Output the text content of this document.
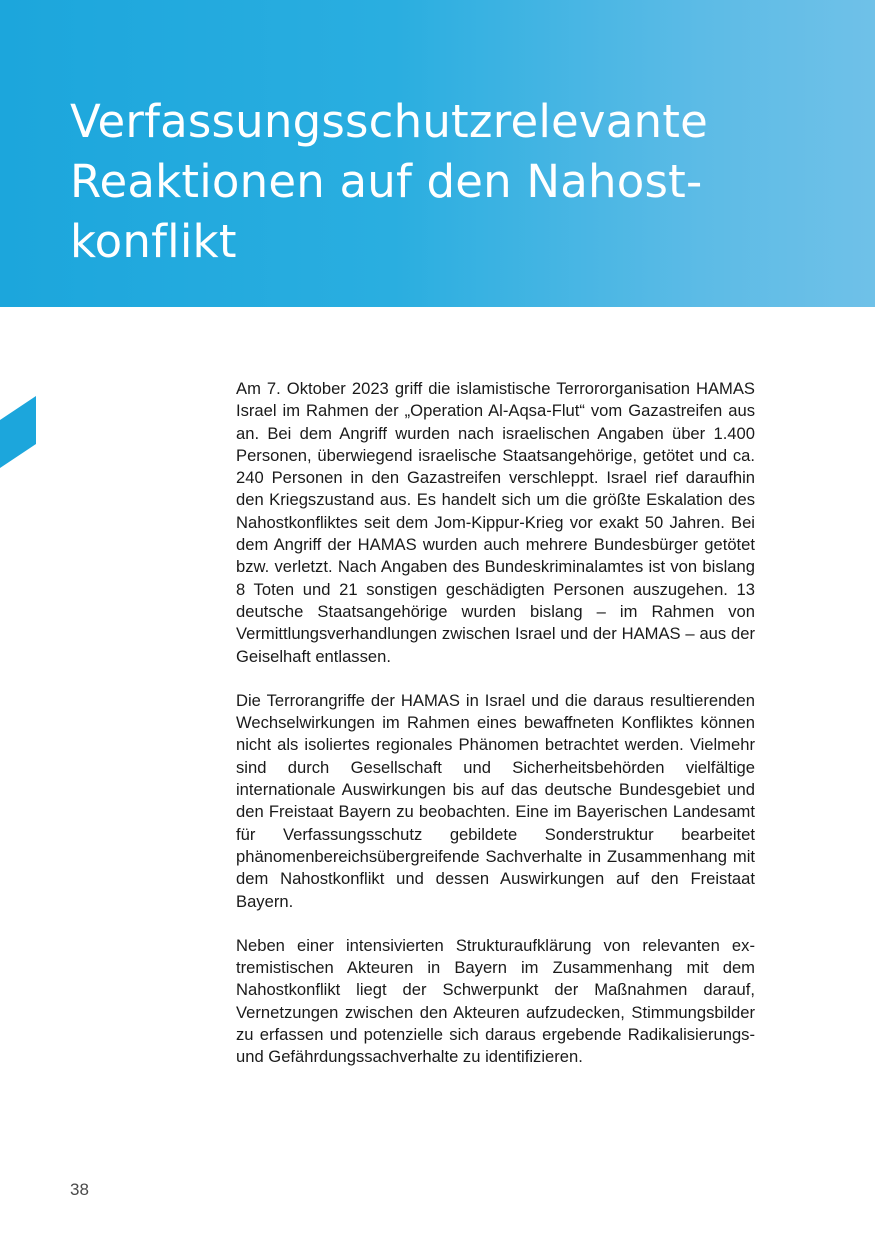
Verfassungsschutzrelevante Reaktionen auf den Nahost-konflikt

Am 7. Oktober 2023 griff die islamistische Terrororganisation HAMAS Israel im Rahmen der „Operation Al-Aqsa-Flut“ vom Gazastreifen aus an. Bei dem Angriff wurden nach israelischen Angaben über 1.400 Personen, überwiegend israelische Staatsangehörige, getötet und ca. 240 Personen in den Gazastreifen verschleppt. Israel rief daraufhin den Kriegszustand aus. Es handelt sich um die größte Eskalation des Nahostkonfliktes seit dem Jom-Kippur-Krieg vor exakt 50 Jahren. Bei dem Angriff der HAMAS wurden auch mehrere Bundesbürger getötet bzw. verletzt. Nach Angaben des Bundeskriminalamtes ist von bislang 8 Toten und 21 sonstigen geschädigten Personen auszugehen. 13 deutsche Staatsangehörige wurden bislang – im Rahmen von Vermittlungsverhandlungen zwischen Israel und der HAMAS – aus der Geiselhaft entlassen.

Die Terrorangriffe der HAMAS in Israel und die daraus resultierenden Wechselwirkungen im Rahmen eines bewaffneten Konfliktes können nicht als isoliertes regionales Phänomen betrachtet werden. Vielmehr sind durch Gesellschaft und Sicherheitsbehörden vielfältige internationale Auswirkungen bis auf das deutsche Bundesgebiet und den Freistaat Bayern zu beobachten. Eine im Bayerischen Landesamt für Verfassungsschutz gebildete Sonderstruktur bearbeitet phänomenbereichsübergreifende Sachverhalte in Zusammenhang mit dem Nahostkonflikt und dessen Auswirkungen auf den Freistaat Bayern.

Neben einer intensivierten Strukturaufklärung von relevanten extremistischen Akteuren in Bayern im Zusammenhang mit dem Nahostkonflikt liegt der Schwerpunkt der Maßnahmen darauf, Vernetzungen zwischen den Akteuren aufzudecken, Stimmungsbilder zu erfassen und potenzielle sich daraus ergebende Radikalisierungs- und Gefährdungssachverhalte zu identifizieren.

38
